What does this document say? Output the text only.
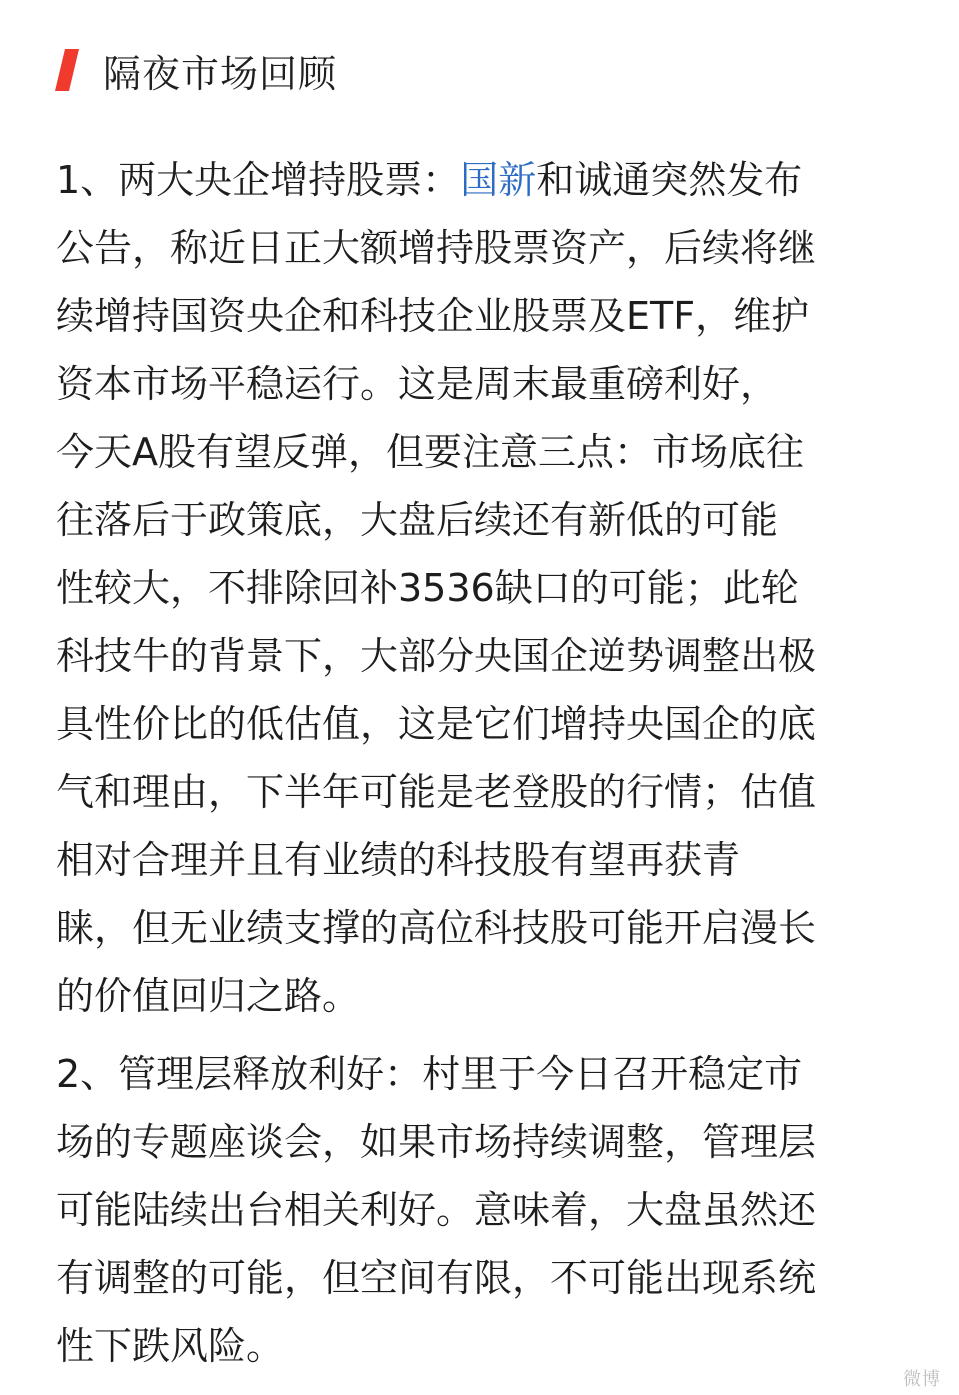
隔夜市场回顾
1、两大央企增持股票：国新和诚通突然发布
公告，称近日正大额增持股票资产，后续将继
续增持国资央企和科技企业股票及ETF，维护
资本市场平稳运行。这是周末最重磅利好，
今天A股有望反弹，但要注意三点：市场底往
往落后于政策底，大盘后续还有新低的可能
性较大，不排除回补3536缺口的可能；此轮
科技牛的背景下，大部分央国企逆势调整出极
具性价比的低估值，这是它们增持央国企的底
气和理由，下半年可能是老登股的行情；估值
相对合理并且有业绩的科技股有望再获青
睐，但无业绩支撑的高位科技股可能开启漫长
的价值回归之路。
2、管理层释放利好：村里于今日召开稳定市
场的专题座谈会，如果市场持续调整，管理层
可能陆续出台相关利好。意味着，大盘虽然还
有调整的可能，但空间有限，不可能出现系统
性下跌风险。
微博
